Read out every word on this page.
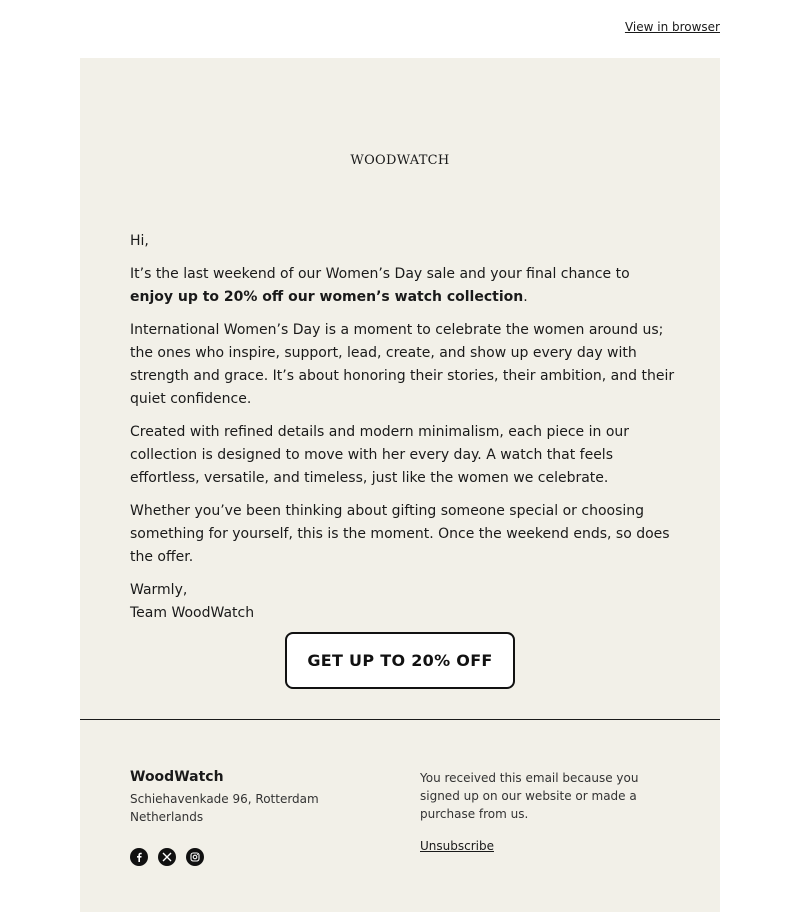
View in browser
WOODWATCH

Hi,

It’s the last weekend of our Women’s Day sale and your final chance to enjoy up to 20% off our women’s watch collection.

International Women’s Day is a moment to celebrate the women around us; the ones who inspire, support, lead, create, and show up every day with strength and grace. It’s about honoring their stories, their ambition, and their quiet confidence.

Created with refined details and modern minimalism, each piece in our collection is designed to move with her every day. A watch that feels effortless, versatile, and timeless, just like the women we celebrate.

Whether you’ve been thinking about gifting someone special or choosing something for yourself, this is the moment. Once the weekend ends, so does the offer.

Warmly,
Team WoodWatch
GET UP TO 20% OFF
WoodWatch
Schiehavenkade 96, Rotterdam
Netherlands
You received this email because you signed up on our website or made a purchase from us.
Unsubscribe
